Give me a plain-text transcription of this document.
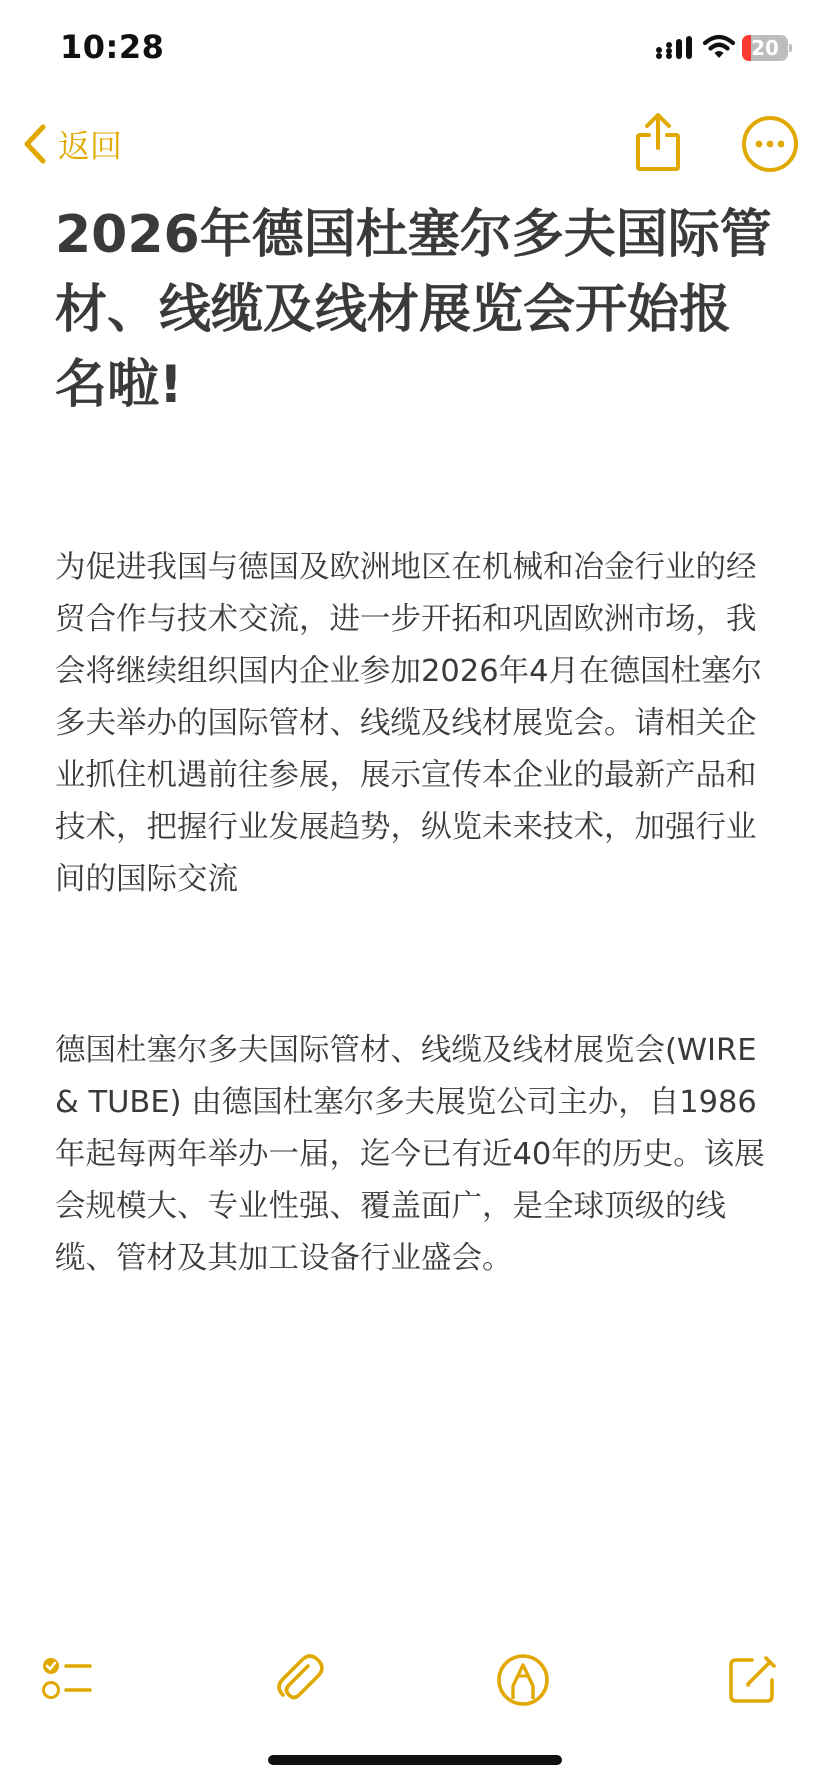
10:28	20
返回
2026年德国杜塞尔多夫国际管材、线缆及线材展览会开始报名啦!

为促进我国与德国及欧洲地区在机械和冶金行业的经贸合作与技术交流，进一步开拓和巩固欧洲市场，我会将继续组织国内企业参加2026年4月在德国杜塞尔多夫举办的国际管材、线缆及线材展览会。请相关企业抓住机遇前往参展，展示宣传本企业的最新产品和技术，把握行业发展趋势，纵览未来技术，加强行业间的国际交流

德国杜塞尔多夫国际管材、线缆及线材展览会(WIRE & TUBE) 由德国杜塞尔多夫展览公司主办，自1986年起每两年举办一届，迄今已有近40年的历史。该展会规模大、专业性强、覆盖面广，是全球顶级的线缆、管材及其加工设备行业盛会。
